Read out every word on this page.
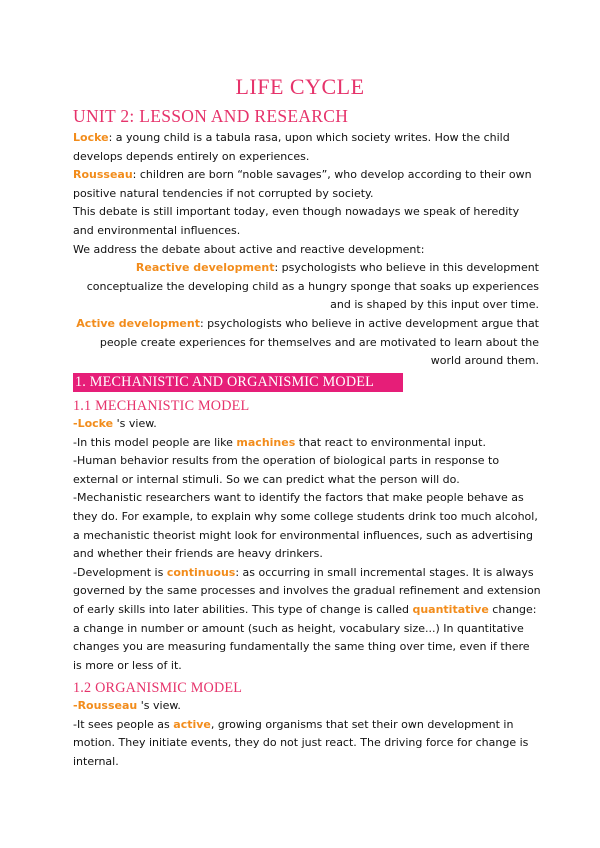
LIFE CYCLE
UNIT 2: LESSON AND RESEARCH

Locke: a young child is a tabula rasa, upon which society writes. How the child develops depends entirely on experiences.

Rousseau: children are born “noble savages”, who develop according to their own positive natural tendencies if not corrupted by society.

This debate is still important today, even though nowadays we speak of heredity and environmental influences.

We address the debate about active and reactive development:

Reactive development: psychologists who believe in this development conceptualize the developing child as a hungry sponge that soaks up experiences and is shaped by this input over time.

Active development: psychologists who believe in active development argue that people create experiences for themselves and are motivated to learn about the world around them.

1. MECHANISTIC AND ORGANISMIC MODEL
1.1 MECHANISTIC MODEL

-Locke 's view.

-In this model people are like machines that react to environmental input.

-Human behavior results from the operation of biological parts in response to external or internal stimuli. So we can predict what the person will do.

-Mechanistic researchers want to identify the factors that make people behave as they do. For example, to explain why some college students drink too much alcohol, a mechanistic theorist might look for environmental influences, such as advertising and whether their friends are heavy drinkers.

-Development is continuous: as occurring in small incremental stages. It is always governed by the same processes and involves the gradual refinement and extension of early skills into later abilities. This type of change is called quantitative change: a change in number or amount (such as height, vocabulary size...) In quantitative changes you are measuring fundamentally the same thing over time, even if there is more or less of it.

1.2 ORGANISMIC MODEL

-Rousseau 's view.

-It sees people as active, growing organisms that set their own development in motion. They initiate events, they do not just react. The driving force for change is internal.
